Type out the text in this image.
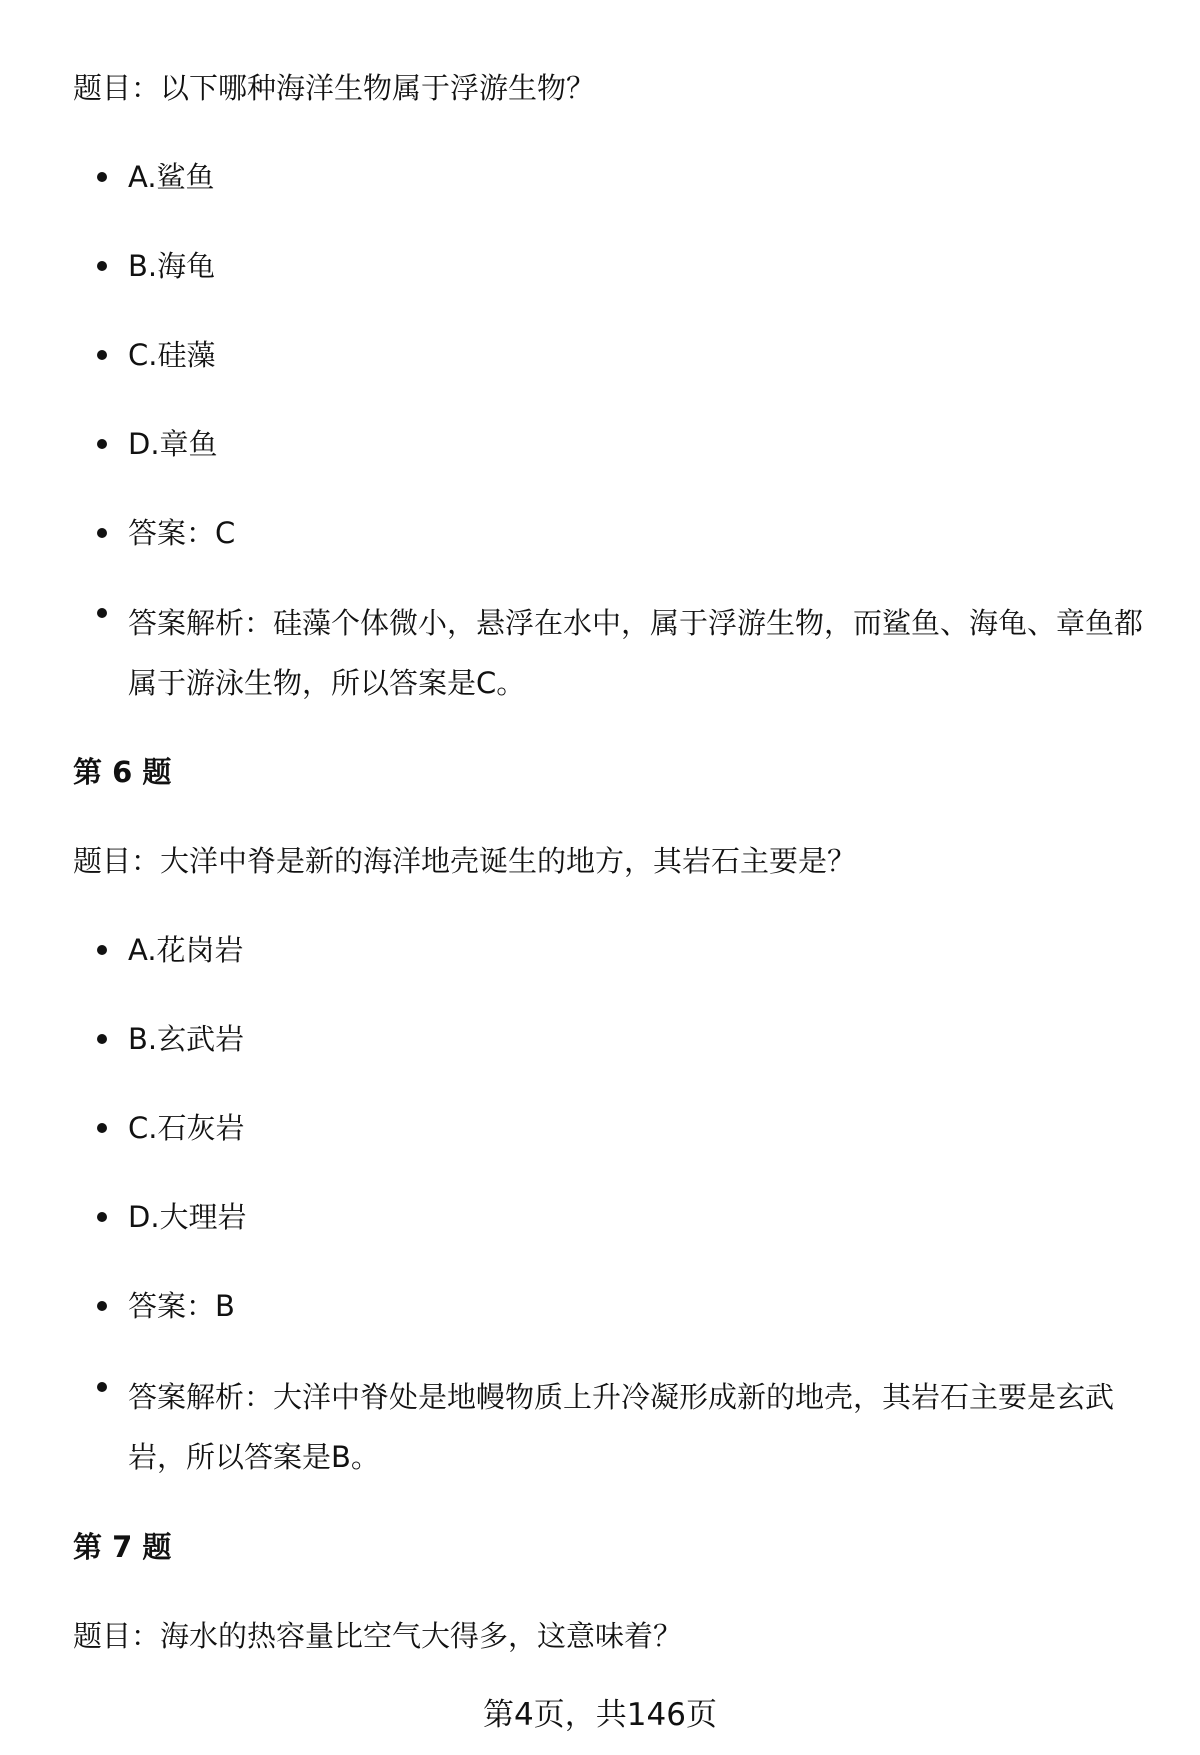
题目：以下哪种海洋生物属于浮游生物？
A.鲨鱼
B.海龟
C.硅藻
D.章鱼
答案：C
答案解析：硅藻个体微小，悬浮在水中，属于浮游生物，而鲨鱼、海龟、章鱼都属于游泳生物，所以答案是C。
第 6 题
题目：大洋中脊是新的海洋地壳诞生的地方，其岩石主要是？
A.花岗岩
B.玄武岩
C.石灰岩
D.大理岩
答案：B
答案解析：大洋中脊处是地幔物质上升冷凝形成新的地壳，其岩石主要是玄武岩，所以答案是B。
第 7 题
题目：海水的热容量比空气大得多，这意味着？
第4页，共146页
